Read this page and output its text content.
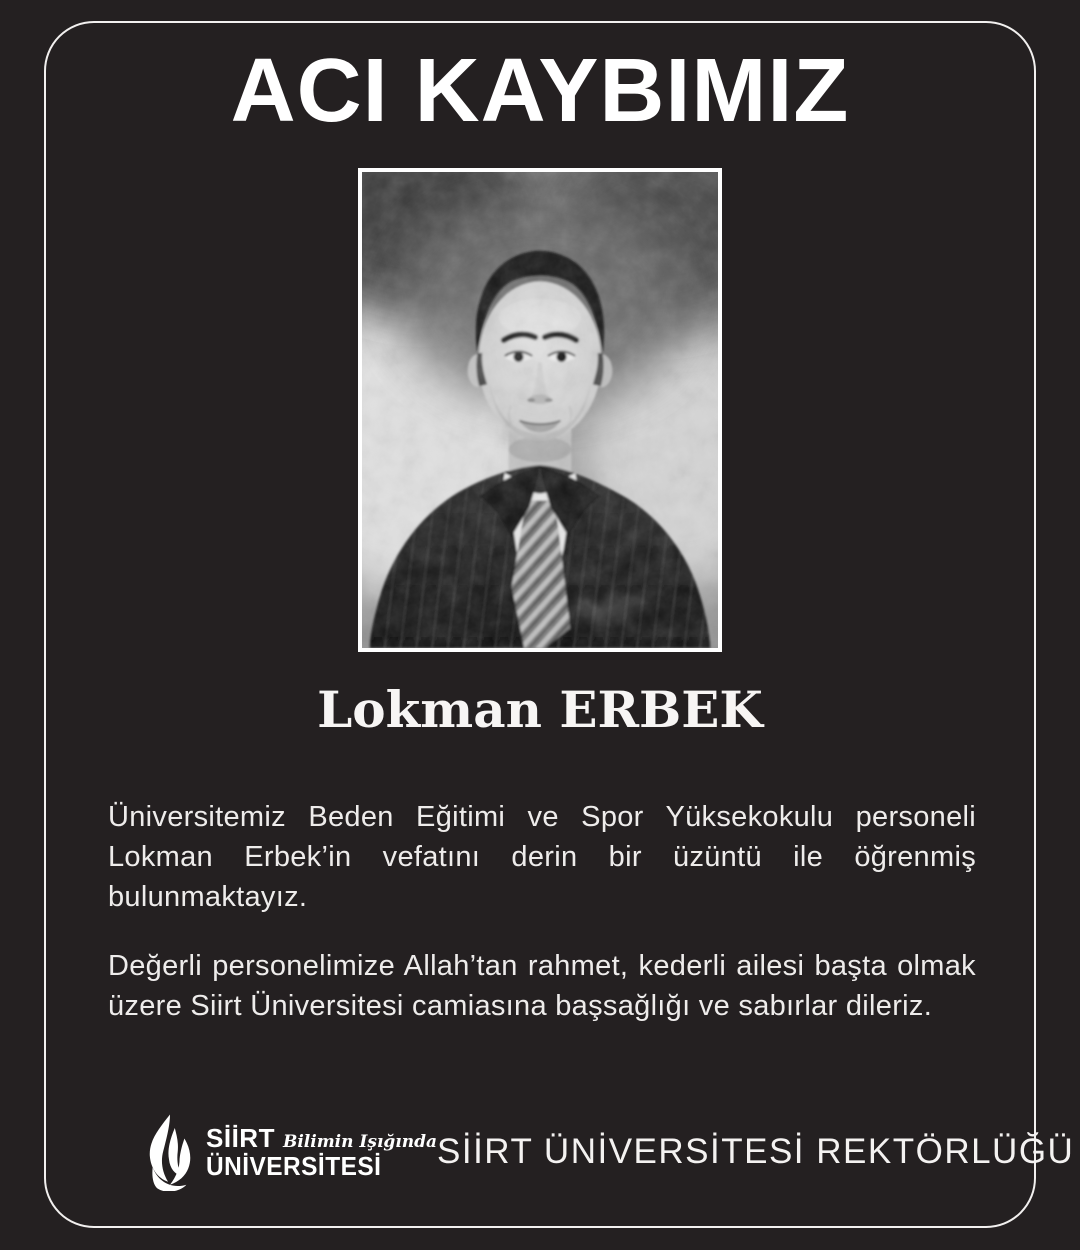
ACI KAYBIMIZ
Lokman ERBEK

Üniversitemiz Beden Eğitimi ve Spor Yüksekokulu personeli
Lokman Erbek’in vefatını derin bir üzüntü ile öğrenmiş
bulunmaktayız.

Değerli personelimize Allah’tan rahmet, kederli ailesi başta olmak
üzere Siirt Üniversitesi camiasına başsağlığı ve sabırlar dileriz.

SİİRT Bilimin Işığında
ÜNİVERSİTESİ	SİİRT ÜNİVERSİTESİ REKTÖRLÜĞÜ
